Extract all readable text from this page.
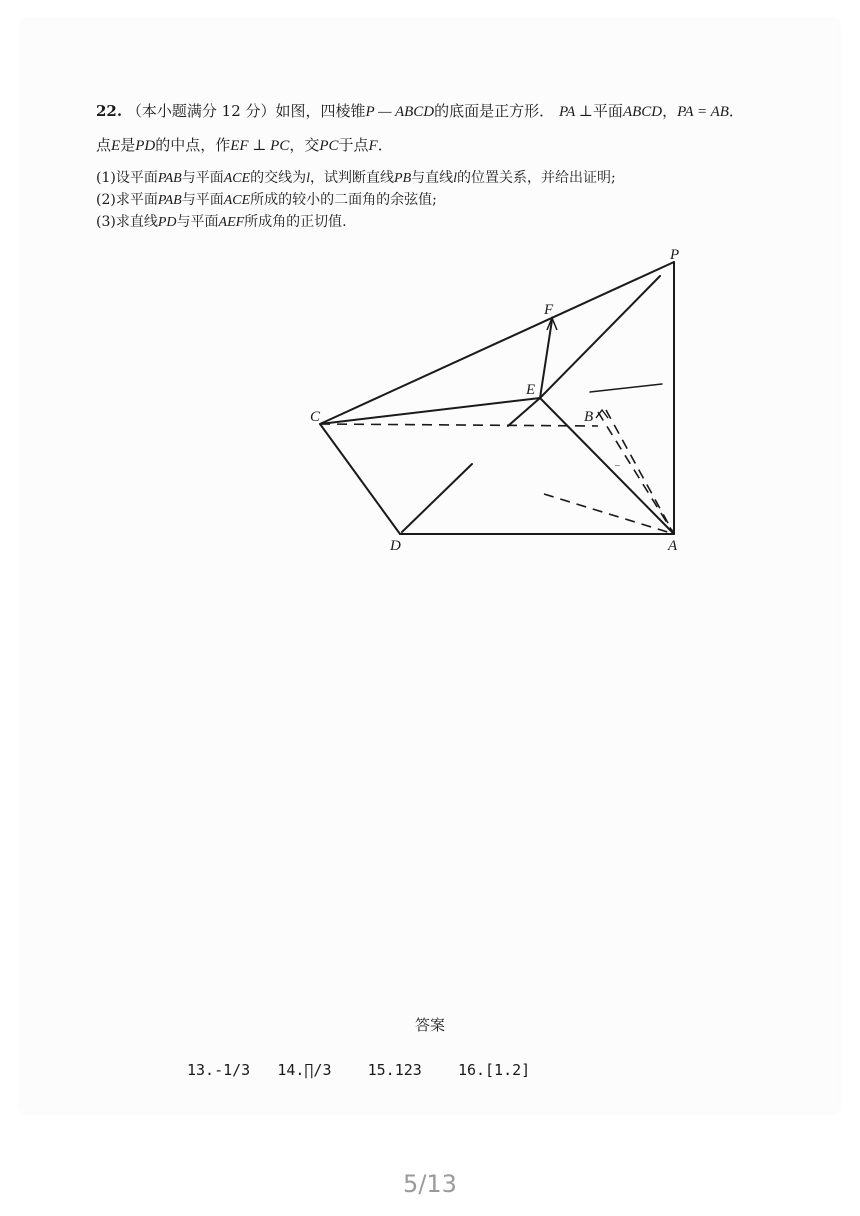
22. （本小题满分 12 分）如图，四棱锥P — ABCD的底面是正方形． PA ⊥平面ABCD，PA = AB．
点E是PD的中点，作EF ⊥ PC，交PC于点F．
(1)设平面PAB与平面ACE的交线为l，试判断直线PB与直线l的位置关系，并给出证明;
(2)求平面PAB与平面ACE所成的较小的二面角的余弦值;
(3)求直线PD与平面AEF所成角的正切值.
~
P
F
E
C	B
D	A
答案
13.-1/3 14.∏/3 15.123 16.[1.2]
5/13
